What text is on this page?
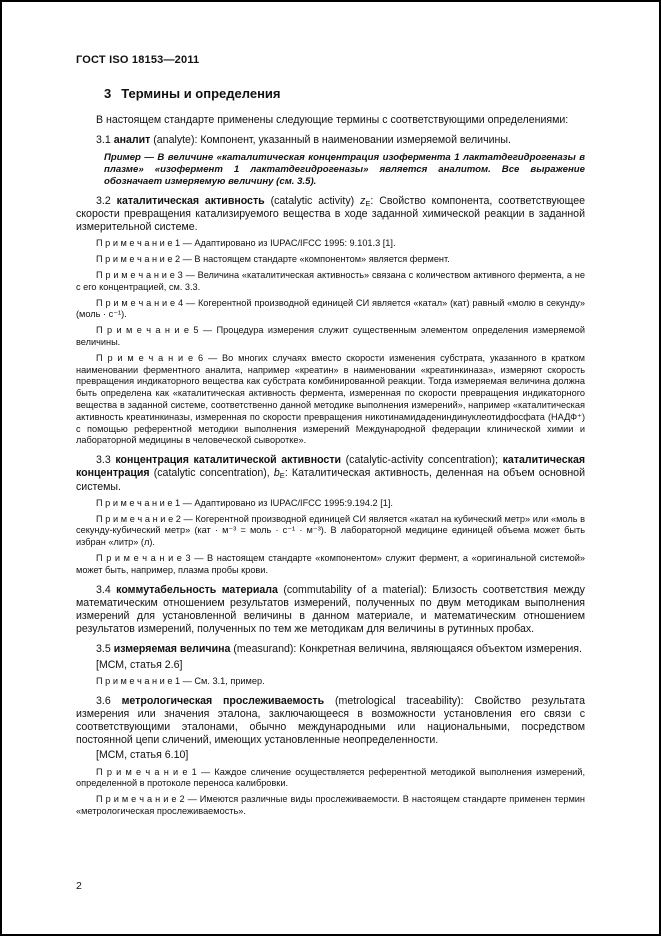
ГОСТ ISO 18153—2011
3 Термины и определения

В настоящем стандарте применены следующие термины с соответствующими определениями:

3.1 аналит (analyte): Компонент, указанный в наименовании измеряемой величины.

Пример — В величине «каталитическая концентрация изофермента 1 лактатдегидрогеназы в плазме» «изофермент 1 лактатдегидрогеназы» является аналитом. Все выражение обозначает измеряемую величину (см. 3.5).

3.2 каталитическая активность (catalytic activity) $z_E$: Свойство компонента, соответствующее скорости превращения катализируемого вещества в ходе заданной химической реакции в заданной измерительной системе.

П р и м е ч а н и е 1 — Адаптировано из IUPAC/IFCC 1995: 9.101.3 [1].

П р и м е ч а н и е 2 — В настоящем стандарте «компонентом» является фермент.

П р и м е ч а н и е 3 — Величина «каталитическая активность» связана с количеством активного фермента, а не с его концентрацией, см. 3.3.

П р и м е ч а н и е 4 — Когерентной производной единицей СИ является «катал» (кат) равный «молю в секунду» (моль · с⁻¹).

П р и м е ч а н и е 5 — Процедура измерения служит существенным элементом определения измеряемой величины.

П р и м е ч а н и е 6 — Во многих случаях вместо скорости изменения субстрата, указанного в кратком наименовании ферментного аналита, например «креатин» в наименовании «креатинкиназа», измеряют скорость превращения индикаторного вещества как субстрата комбинированной реакции. Тогда измеряемая величина должна быть определена как «каталитическая активность фермента, измеренная по скорости превращения индикаторного вещества в заданной системе, соответственно данной методике выполнения измерений», например «каталитическая активность креатинкиназы, измеренная по скорости превращения никотинамидадениндинуклеотидфосфата (НАДФ⁺) с помощью референтной методики выполнения измерений Международной федерации клинической химии и лабораторной медицины в человеческой сыворотке».

3.3 концентрация каталитической активности (catalytic-activity concentration); каталитическая концентрация (catalytic concentration), $b_E$: Каталитическая активность, деленная на объем основной системы.

П р и м е ч а н и е 1 — Адаптировано из IUPAC/IFCC 1995:9.194.2 [1].

П р и м е ч а н и е 2 — Когерентной производной единицей СИ является «катал на кубический метр» или «моль в секунду-кубический метр» (кат · м⁻³ = моль · с⁻¹ · м⁻³). В лабораторной медицине единицей объема может быть избран «литр» (л).

П р и м е ч а н и е 3 — В настоящем стандарте «компонентом» служит фермент, а «оригинальной системой» может быть, например, плазма пробы крови.

3.4 коммутабельность материала (commutability of a material): Близость соответствия между математическим отношением результатов измерений, полученных по двум методикам выполнения измерений для установленной величины в данном материале, и математическим отношением результатов измерений, полученных по тем же методикам для величины в рутинных пробах.

3.5 измеряемая величина (measurand): Конкретная величина, являющаяся объектом измерения.

[МСМ, статья 2.6]

П р и м е ч а н и е 1 — См. 3.1, пример.

3.6 метрологическая прослеживаемость (metrological traceability): Свойство результата измерения или значения эталона, заключающееся в возможности установления его связи с соответствующими эталонами, обычно международными или национальными, посредством постоянной цепи сличений, имеющих установленные неопределенности.

[МСМ, статья 6.10]

П р и м е ч а н и е 1 — Каждое сличение осуществляется референтной методикой выполнения измерений, определенной в протоколе переноса калибровки.

П р и м е ч а н и е 2 — Имеются различные виды прослеживаемости. В настоящем стандарте применен термин «метрологическая прослеживаемость».

2
